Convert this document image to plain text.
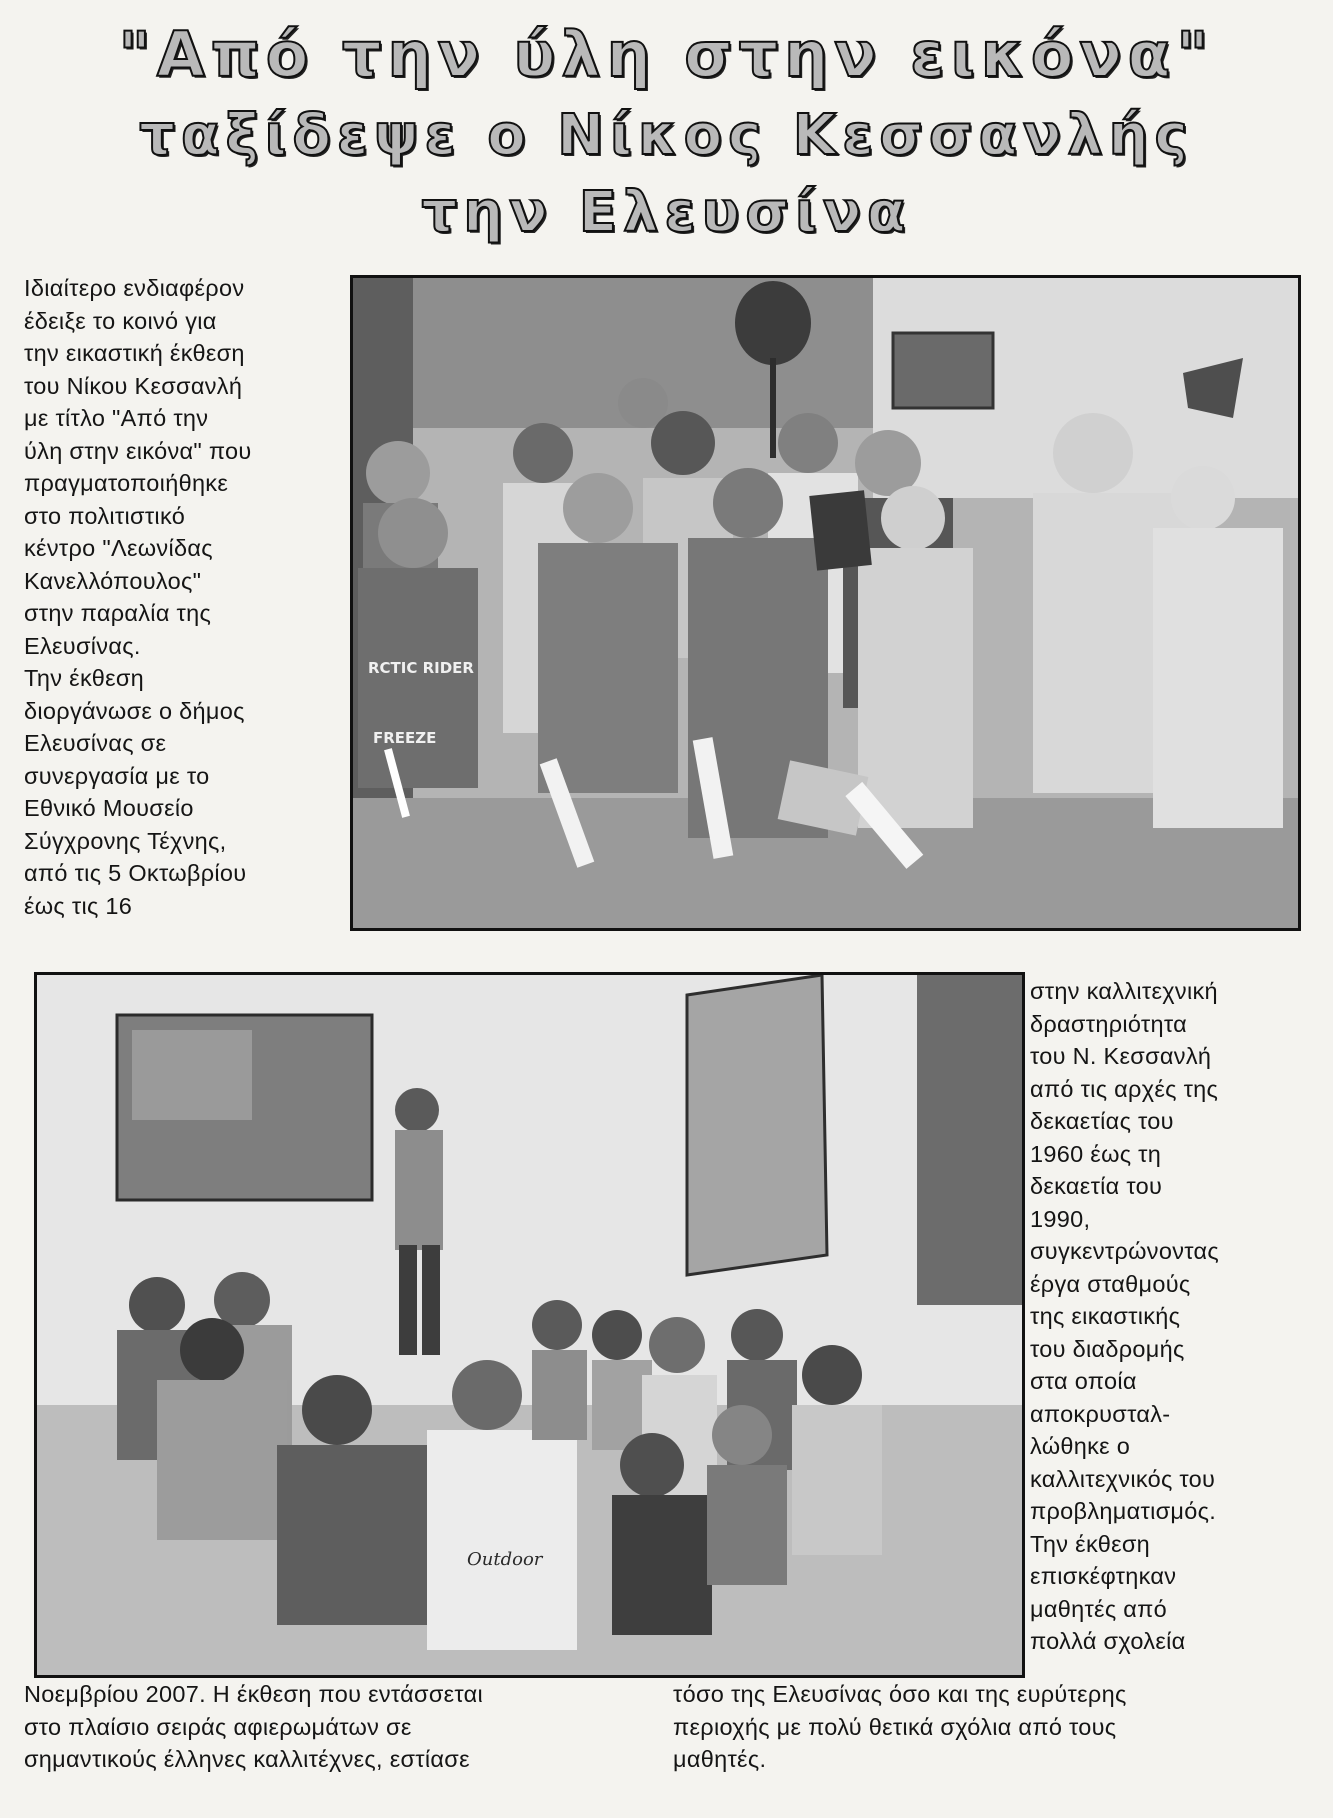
"Από την ύλη στην εικόνα"
ταξίδεψε ο Νίκος Κεσσανλής
την Ελευσίνα
Ιδιαίτερο ενδιαφέρον
έδειξε το κοινό για
την εικαστική έκθεση
του Νίκου Κεσσανλή
με τίτλο "Από την
ύλη στην εικόνα" που
πραγματοποιήθηκε
στο πολιτιστικό
κέντρο "Λεωνίδας
Κανελλόπουλος"
στην παραλία της
Ελευσίνας.
Την έκθεση
διοργάνωσε ο δήμος
Ελευσίνας σε
συνεργασία με το
Εθνικό Μουσείο
Σύγχρονης Τέχνης,
από τις 5 Οκτωβρίου
έως τις 16
RCTIC RIDER
FREEZE
Outdoor
στην καλλιτεχνική
δραστηριότητα
του Ν. Κεσσανλή
από τις αρχές της
δεκαετίας του
1960 έως τη
δεκαετία του
1990,
συγκεντρώνοντας
έργα σταθμούς
της εικαστικής
του διαδρομής
στα οποία
αποκρυσταλ-
λώθηκε ο
καλλιτεχνικός του
προβληματισμός.
Την έκθεση
επισκέφτηκαν
μαθητές από
πολλά σχολεία
Νοεμβρίου 2007. Η έκθεση που εντάσσεται
στο πλαίσιο σειράς αφιερωμάτων σε
σημαντικούς έλληνες καλλιτέχνες, εστίασε
τόσο της Ελευσίνας όσο και της ευρύτερης
περιοχής με πολύ θετικά σχόλια από τους
μαθητές.
